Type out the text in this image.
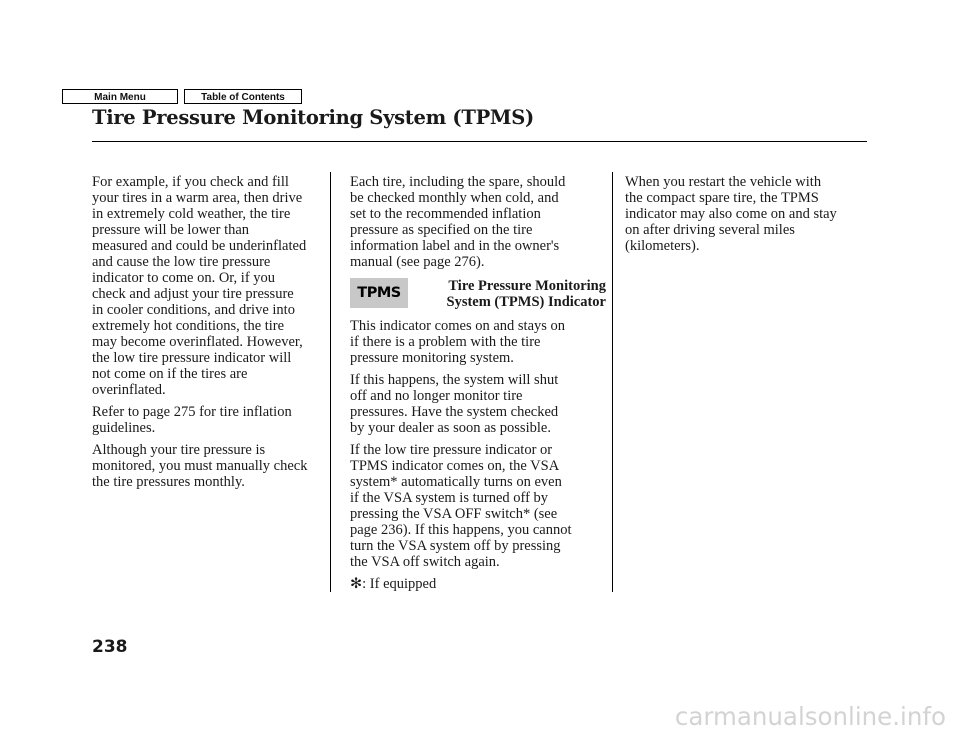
Main Menu	Table of Contents
Tire Pressure Monitoring System (TPMS)

For example, if you check and fill
your tires in a warm area, then drive
in extremely cold weather, the tire
pressure will be lower than
measured and could be underinflated
and cause the low tire pressure
indicator to come on. Or, if you
check and adjust your tire pressure
in cooler conditions, and drive into
extremely hot conditions, the tire
may become overinflated. However,
the low tire pressure indicator will
not come on if the tires are
overinflated.

Refer to page 275 for tire inflation
guidelines.

Although your tire pressure is
monitored, you must manually check
the tire pressures monthly.

Each tire, including the spare, should
be checked monthly when cold, and
set to the recommended inflation
pressure as specified on the tire
information label and in the owner's
manual (see page 276).

TPMS	Tire Pressure Monitoring
System (TPMS) Indicator

This indicator comes on and stays on
if there is a problem with the tire
pressure monitoring system.

If this happens, the system will shut
off and no longer monitor tire
pressures. Have the system checked
by your dealer as soon as possible.

If the low tire pressure indicator or
TPMS indicator comes on, the VSA
system* automatically turns on even
if the VSA system is turned off by
pressing the VSA OFF switch* (see
page 236). If this happens, you cannot
turn the VSA system off by pressing
the VSA off switch again.

✻: If equipped

When you restart the vehicle with
the compact spare tire, the TPMS
indicator may also come on and stay
on after driving several miles
(kilometers).

238
carmanualsonline.info
